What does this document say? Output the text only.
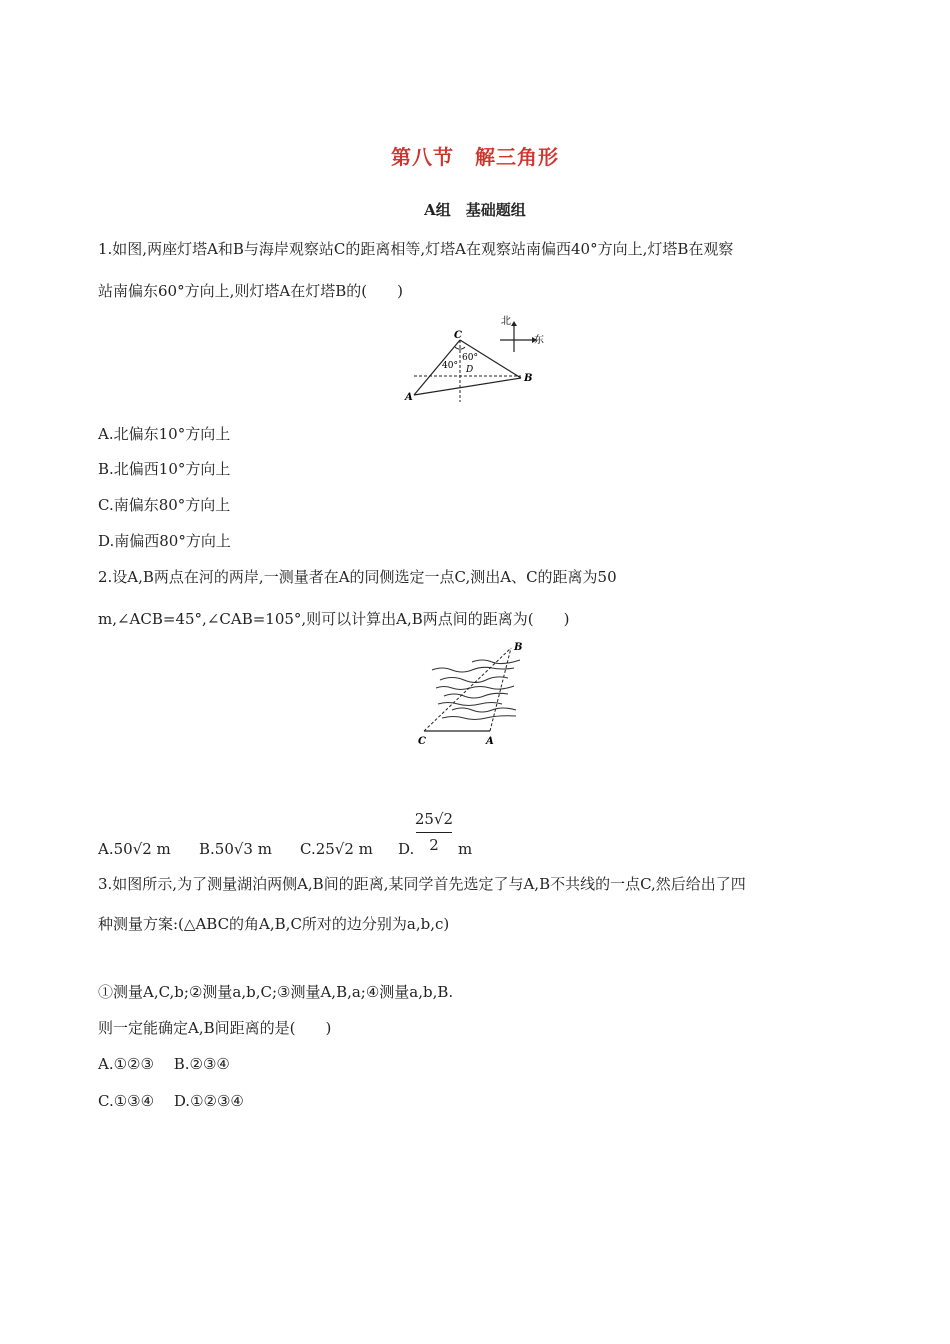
第八节　解三角形
A组　基础题组
1.如图,两座灯塔A和B与海岸观察站C的距离相等,灯塔A在观察站南偏西40°方向上,灯塔B在观察
站南偏东60°方向上,则灯塔A在灯塔B的(　　)
C
A
B
D
40°
60°
北
东
A.北偏东10°方向上
B.北偏西10°方向上
C.南偏东80°方向上
D.南偏西80°方向上
2.设A,B两点在河的两岸,一测量者在A的同侧选定一点C,测出A、C的距离为50
m,∠ACB=45°,∠CAB=105°,则可以计算出A,B两点间的距离为(　　)
B
C	A
A.50√2 m B.50√3 m C.25√2 m D.
25√2
2	m
3.如图所示,为了测量湖泊两侧A,B间的距离,某同学首先选定了与A,B不共线的一点C,然后给出了四
种测量方案:(△ABC的角A,B,C所对的边分别为a,b,c)
①测量A,C,b;②测量a,b,C;③测量A,B,a;④测量a,b,B.
则一定能确定A,B间距离的是(　　)
A.①②③　 B.②③④
C.①③④　 D.①②③④
